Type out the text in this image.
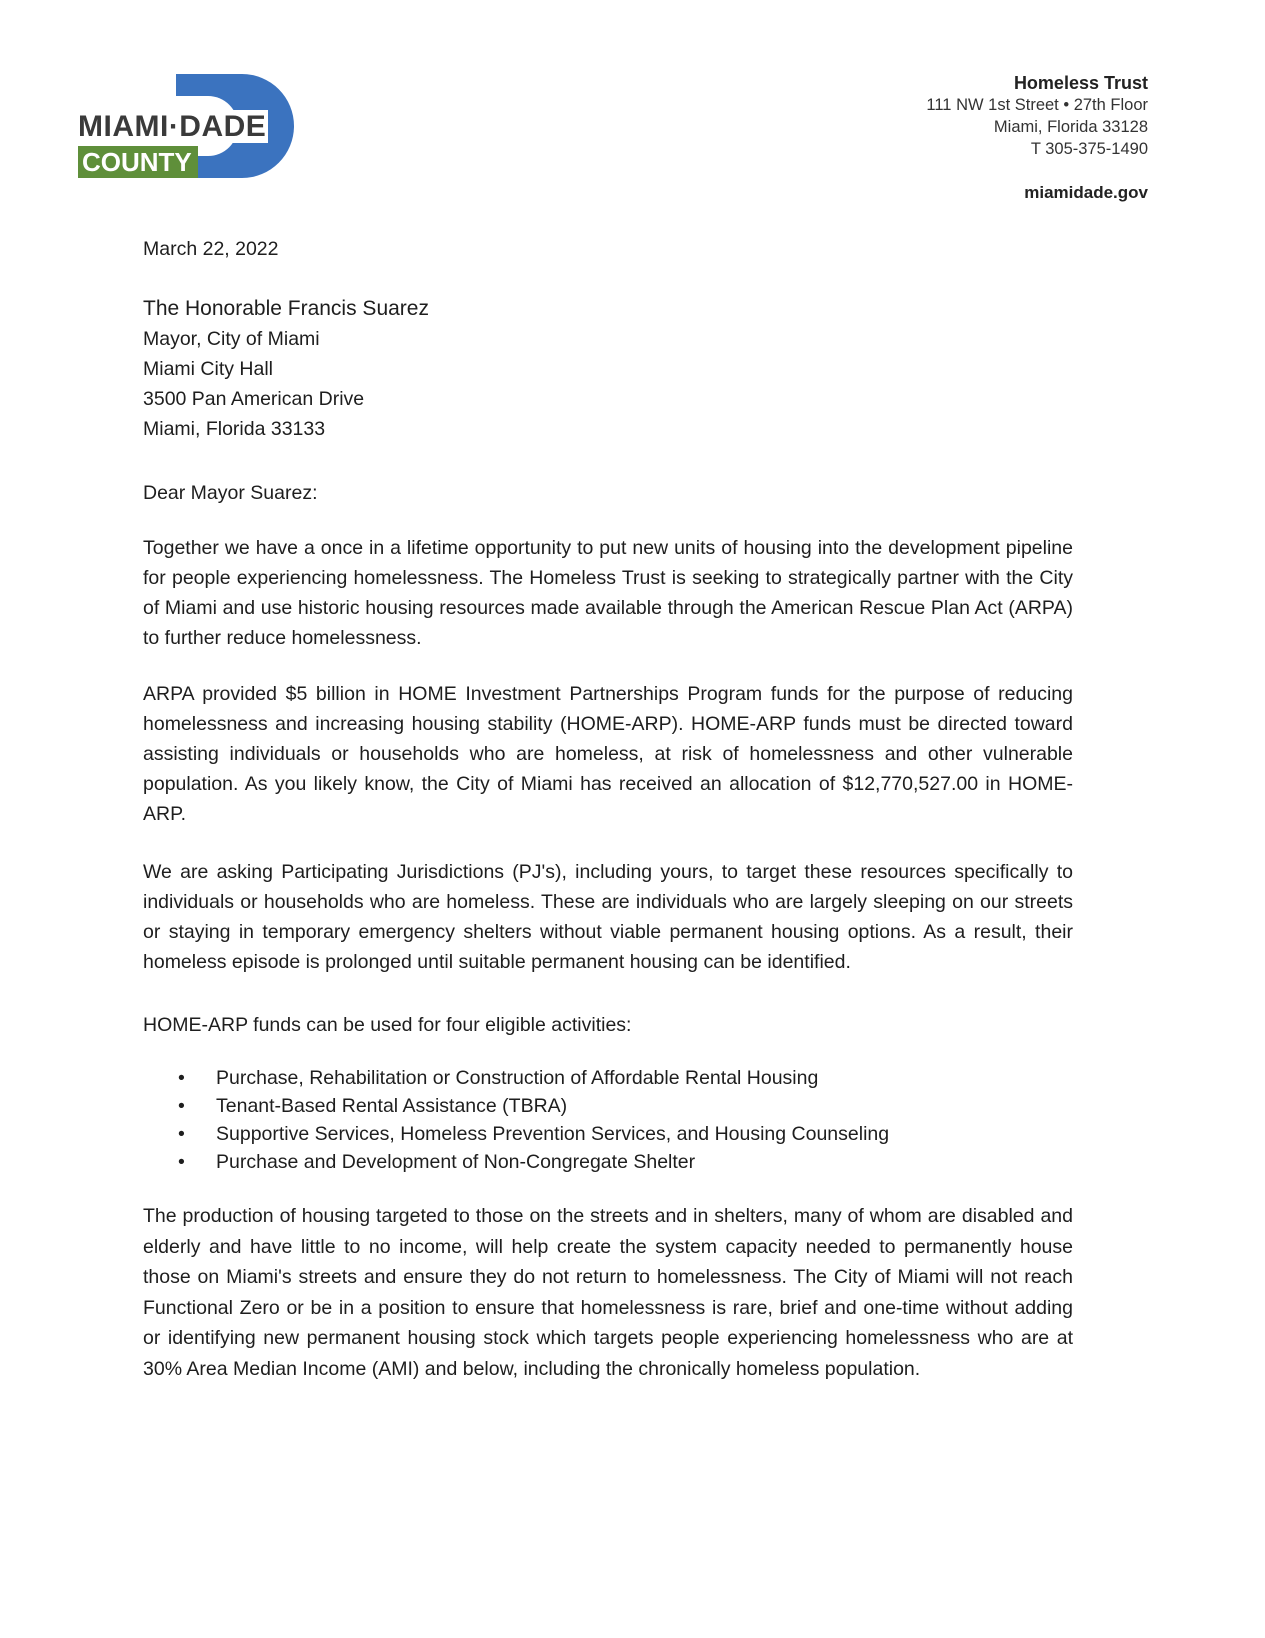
MIAMI·DADE
COUNTY
Homeless Trust
111 NW 1st Street • 27th Floor
Miami, Florida 33128
T 305-375-1490
miamidade.gov
March 22, 2022
The Honorable Francis Suarez
Mayor, City of Miami
Miami City Hall
3500 Pan American Drive
Miami, Florida 33133
Dear Mayor Suarez:
Together we have a once in a lifetime opportunity to put new units of housing into the development pipeline for people experiencing homelessness. The Homeless Trust is seeking to strategically partner with the City of Miami and use historic housing resources made available through the American Rescue Plan Act (ARPA) to further reduce homelessness.
ARPA provided $5 billion in HOME Investment Partnerships Program funds for the purpose of reducing homelessness and increasing housing stability (HOME-ARP). HOME-ARP funds must be directed toward assisting individuals or households who are homeless, at risk of homelessness and other vulnerable population. As you likely know, the City of Miami has received an allocation of $12,770,527.00 in HOME-ARP.
We are asking Participating Jurisdictions (PJ's), including yours, to target these resources specifically to individuals or households who are homeless. These are individuals who are largely sleeping on our streets or staying in temporary emergency shelters without viable permanent housing options. As a result, their homeless episode is prolonged until suitable permanent housing can be identified.
HOME-ARP funds can be used for four eligible activities:
• Purchase, Rehabilitation or Construction of Affordable Rental Housing
• Tenant-Based Rental Assistance (TBRA)
• Supportive Services, Homeless Prevention Services, and Housing Counseling
• Purchase and Development of Non-Congregate Shelter
The production of housing targeted to those on the streets and in shelters, many of whom are disabled and elderly and have little to no income, will help create the system capacity needed to permanently house those on Miami's streets and ensure they do not return to homelessness. The City of Miami will not reach Functional Zero or be in a position to ensure that homelessness is rare, brief and one-time without adding or identifying new permanent housing stock which targets people experiencing homelessness who are at 30% Area Median Income (AMI) and below, including the chronically homeless population.
